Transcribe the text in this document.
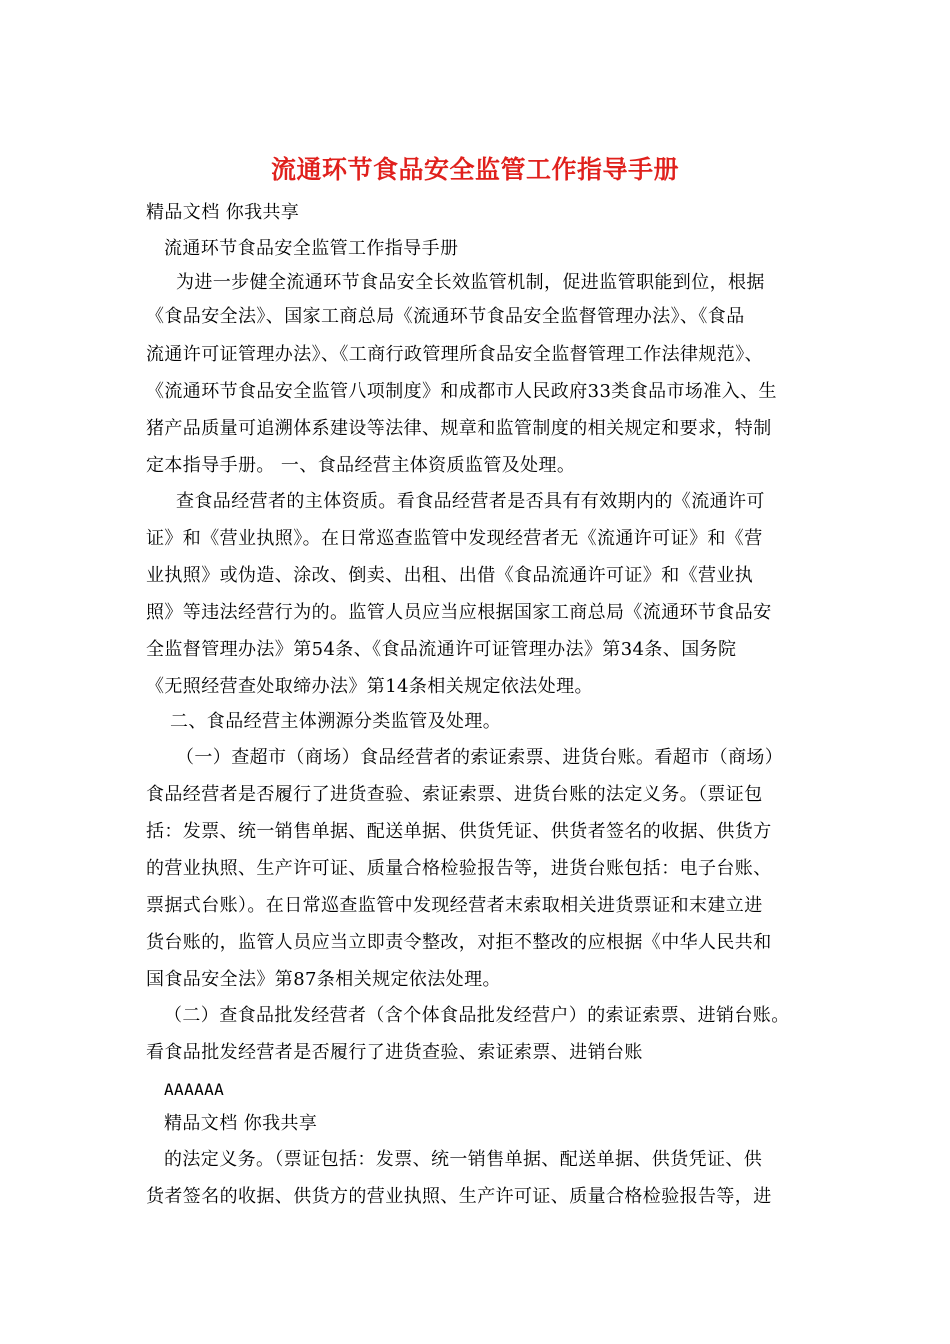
流通环节食品安全监管工作指导手册
精品文档 你我共享
流通环节食品安全监管工作指导手册
为进一步健全流通环节食品安全长效监管机制，促进监管职能到位，根据
《食品安全法》、国家工商总局《流通环节食品安全监督管理办法》、《食品
流通许可证管理办法》、《工商行政管理所食品安全监督管理工作法律规范》、
《流通环节食品安全监管八项制度》和成都市人民政府33类食品市场准入、生
猪产品质量可追溯体系建设等法律、规章和监管制度的相关规定和要求，特制
定本指导手册。 一、食品经营主体资质监管及处理。
查食品经营者的主体资质。看食品经营者是否具有有效期内的《流通许可
证》和《营业执照》。在日常巡查监管中发现经营者无《流通许可证》和《营
业执照》或伪造、涂改、倒卖、出租、出借《食品流通许可证》和《营业执
照》等违法经营行为的。监管人员应当应根据国家工商总局《流通环节食品安
全监督管理办法》第54条、《食品流通许可证管理办法》第34条、国务院
《无照经营查处取缔办法》第14条相关规定依法处理。
二、食品经营主体溯源分类监管及处理。
（一）查超市（商场）食品经营者的索证索票、进货台账。看超市（商场）
食品经营者是否履行了进货查验、索证索票、进货台账的法定义务。（票证包
括：发票、统一销售单据、配送单据、供货凭证、供货者签名的收据、供货方
的营业执照、生产许可证、质量合格检验报告等，进货台账包括：电子台账、
票据式台账）。在日常巡查监管中发现经营者末索取相关进货票证和末建立进
货台账的，监管人员应当立即责令整改，对拒不整改的应根据《中华人民共和
国食品安全法》第87条相关规定依法处理。
（二）查食品批发经营者（含个体食品批发经营户）的索证索票、进销台账。
看食品批发经营者是否履行了进货查验、索证索票、进销台账
AAAAAA
精品文档 你我共享
的法定义务。（票证包括：发票、统一销售单据、配送单据、供货凭证、供
货者签名的收据、供货方的营业执照、生产许可证、质量合格检验报告等，进
